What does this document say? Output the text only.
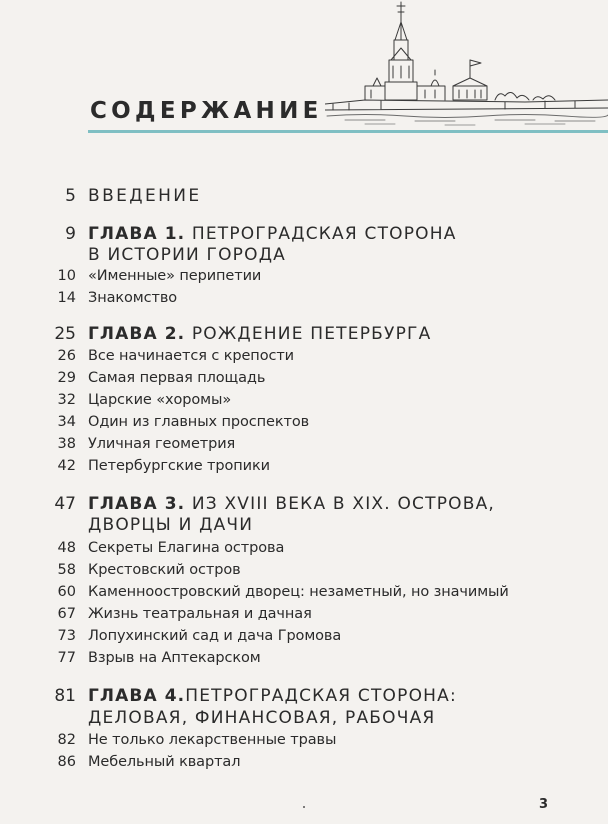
СОДЕРЖАНИЕ
5 ВВЕДЕНИЕ
9 ГЛАВА 1. ПЕТРОГРАДСКАЯ СТОРОНА
В ИСТОРИИ ГОРОДА
10 «Именные» перипетии
14 Знакомство
25 ГЛАВА 2. РОЖДЕНИЕ ПЕТЕРБУРГА
26 Все начинается с крепости
29 Самая первая площадь
32 Царские «хоромы»
34 Один из главных проспектов
38 Уличная геометрия
42 Петербургские тропики
47 ГЛАВА 3. ИЗ XVIII ВЕКА В XIX. ОСТРОВА,
ДВОРЦЫ И ДАЧИ
48 Секреты Елагина острова
58 Крестовский остров
60 Каменноостровский дворец: незаметный, но значимый
67 Жизнь театральная и дачная
73 Лопухинский сад и дача Громова
77 Взрыв на Аптекарском
81 ГЛАВА 4.ПЕТРОГРАДСКАЯ СТОРОНА:
ДЕЛОВАЯ, ФИНАНСОВАЯ, РАБОЧАЯ
82 Не только лекарственные травы
86 Мебельный квартал
3
